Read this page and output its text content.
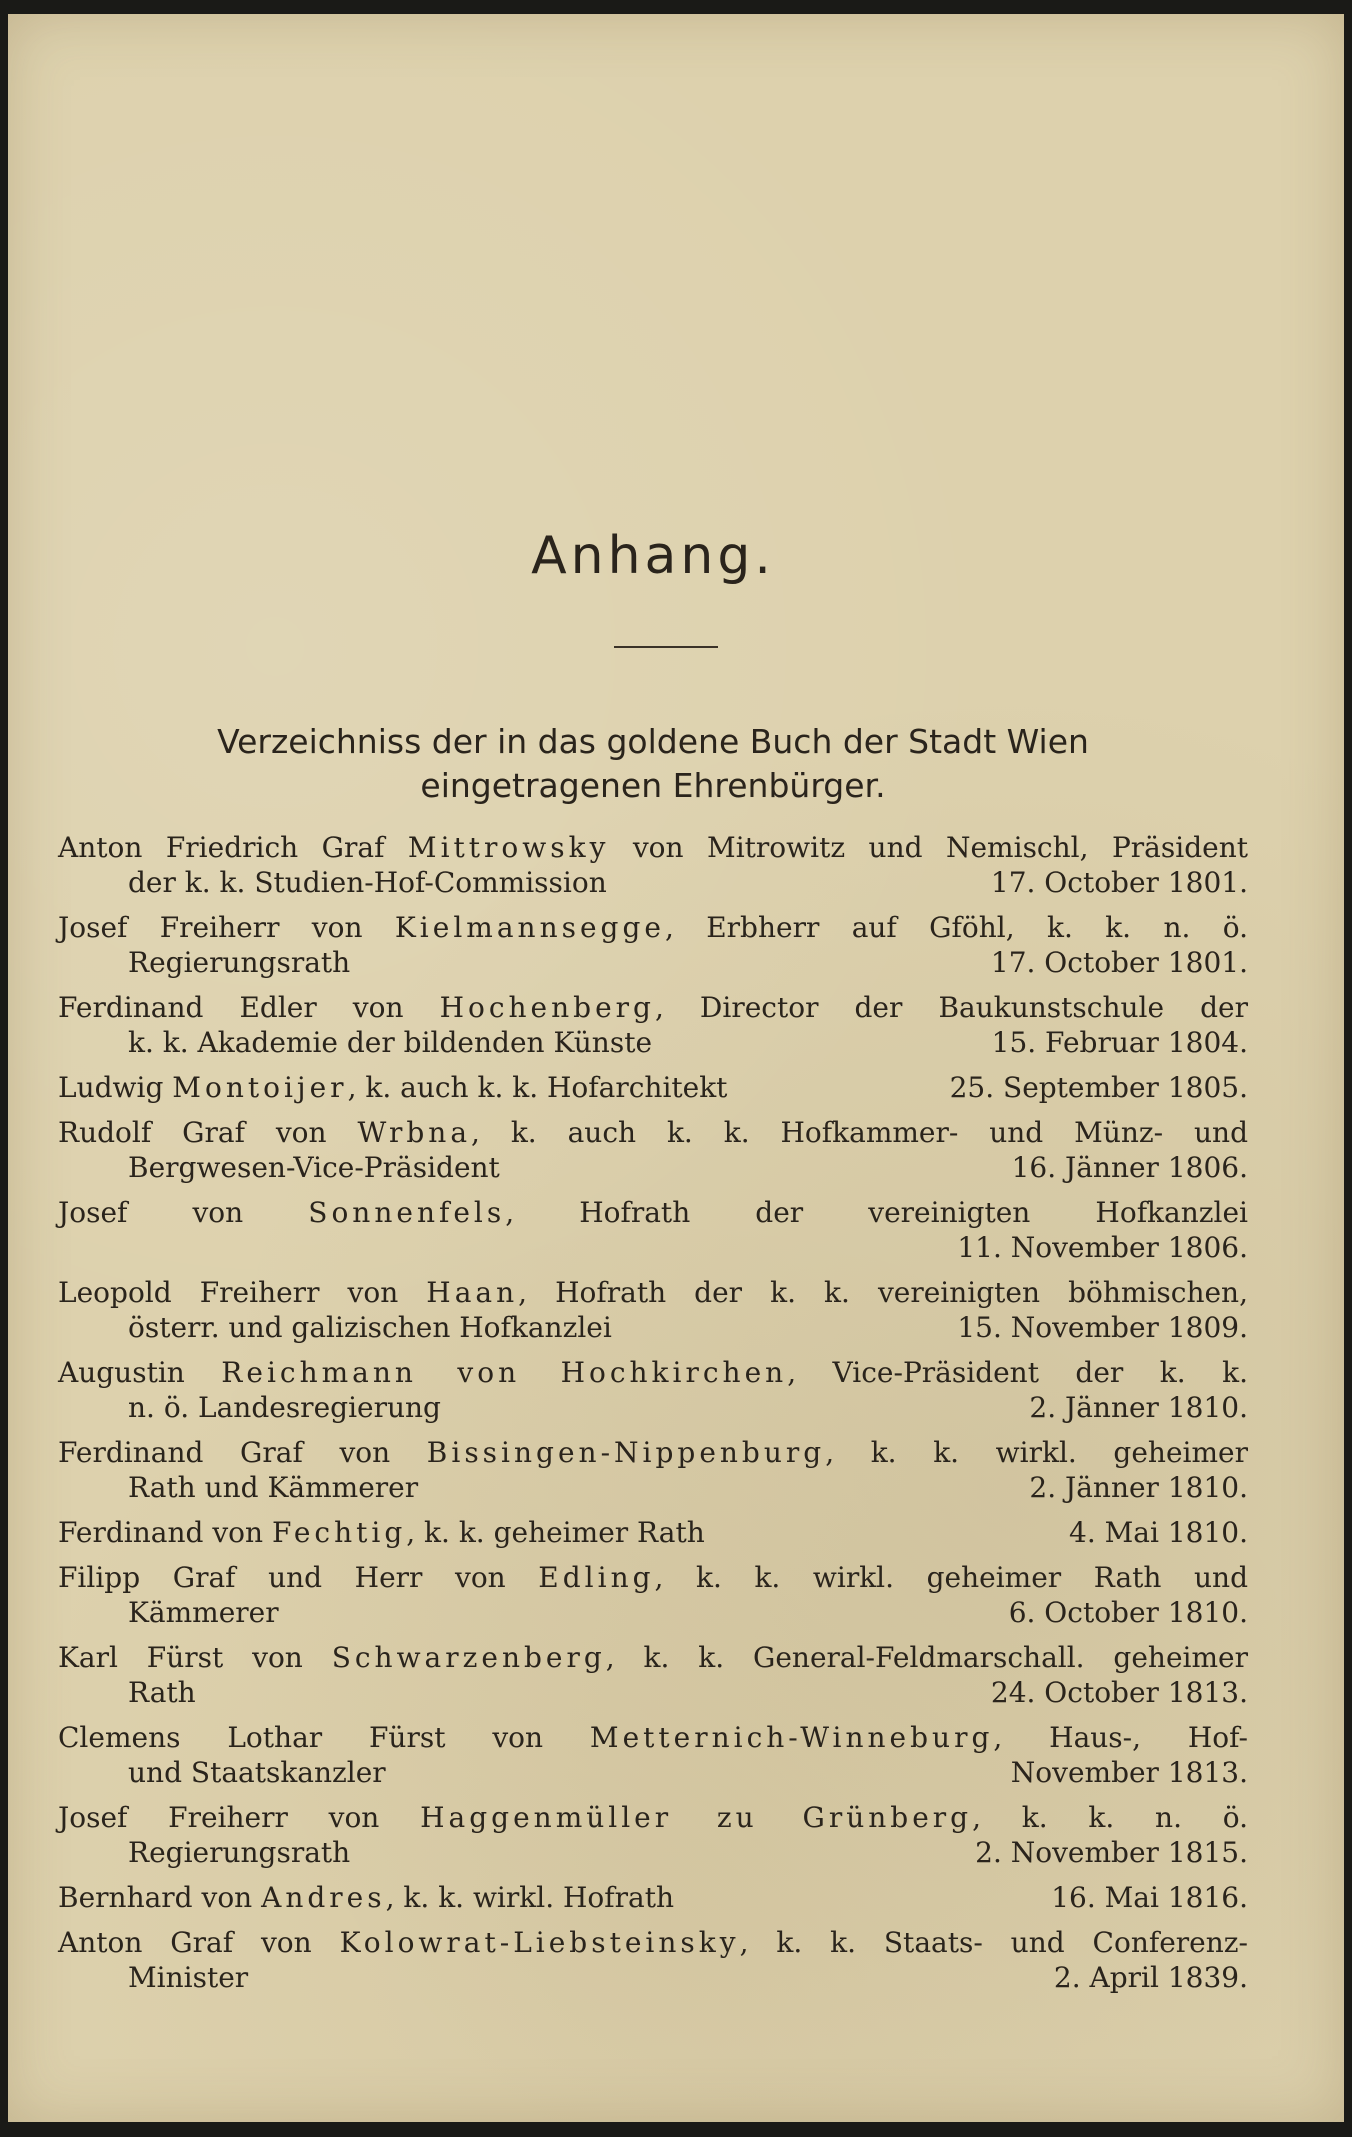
Anhang.
Verzeichniss der in das goldene Buch der Stadt Wien
eingetragenen Ehrenbürger.
Anton Friedrich Graf Mittrowsky von Mitrowitz und Nemischl, Präsident
der k. k. Studien-Hof-Commission	17. October 1801.
Josef Freiherr von Kielmannsegge, Erbherr auf Gföhl, k. k. n. ö.
Regierungsrath	17. October 1801.
Ferdinand Edler von Hochenberg, Director der Baukunstschule der
k. k. Akademie der bildenden Künste	15. Februar 1804.
Ludwig Montoijer, k. auch k. k. Hofarchitekt	25. September 1805.
Rudolf Graf von Wrbna, k. auch k. k. Hofkammer- und Münz- und
Bergwesen-Vice-Präsident	16. Jänner 1806.
Josef von Sonnenfels, Hofrath der vereinigten Hofkanzlei
11. November 1806.
Leopold Freiherr von Haan, Hofrath der k. k. vereinigten böhmischen,
österr. und galizischen Hofkanzlei	15. November 1809.
Augustin Reichmann von Hochkirchen, Vice-Präsident der k. k.
n. ö. Landesregierung	2. Jänner 1810.
Ferdinand Graf von Bissingen-Nippenburg, k. k. wirkl. geheimer
Rath und Kämmerer	2. Jänner 1810.
Ferdinand von Fechtig, k. k. geheimer Rath	4. Mai 1810.
Filipp Graf und Herr von Edling, k. k. wirkl. geheimer Rath und
Kämmerer	6. October 1810.
Karl Fürst von Schwarzenberg, k. k. General-Feldmarschall. geheimer
Rath	24. October 1813.
Clemens Lothar Fürst von Metternich-Winneburg, Haus-, Hof-
und Staatskanzler	November 1813.
Josef Freiherr von Haggenmüller zu Grünberg, k. k. n. ö.
Regierungsrath	2. November 1815.
Bernhard von Andres, k. k. wirkl. Hofrath	16. Mai 1816.
Anton Graf von Kolowrat-Liebsteinsky, k. k. Staats- und Conferenz-
Minister	2. April 1839.
